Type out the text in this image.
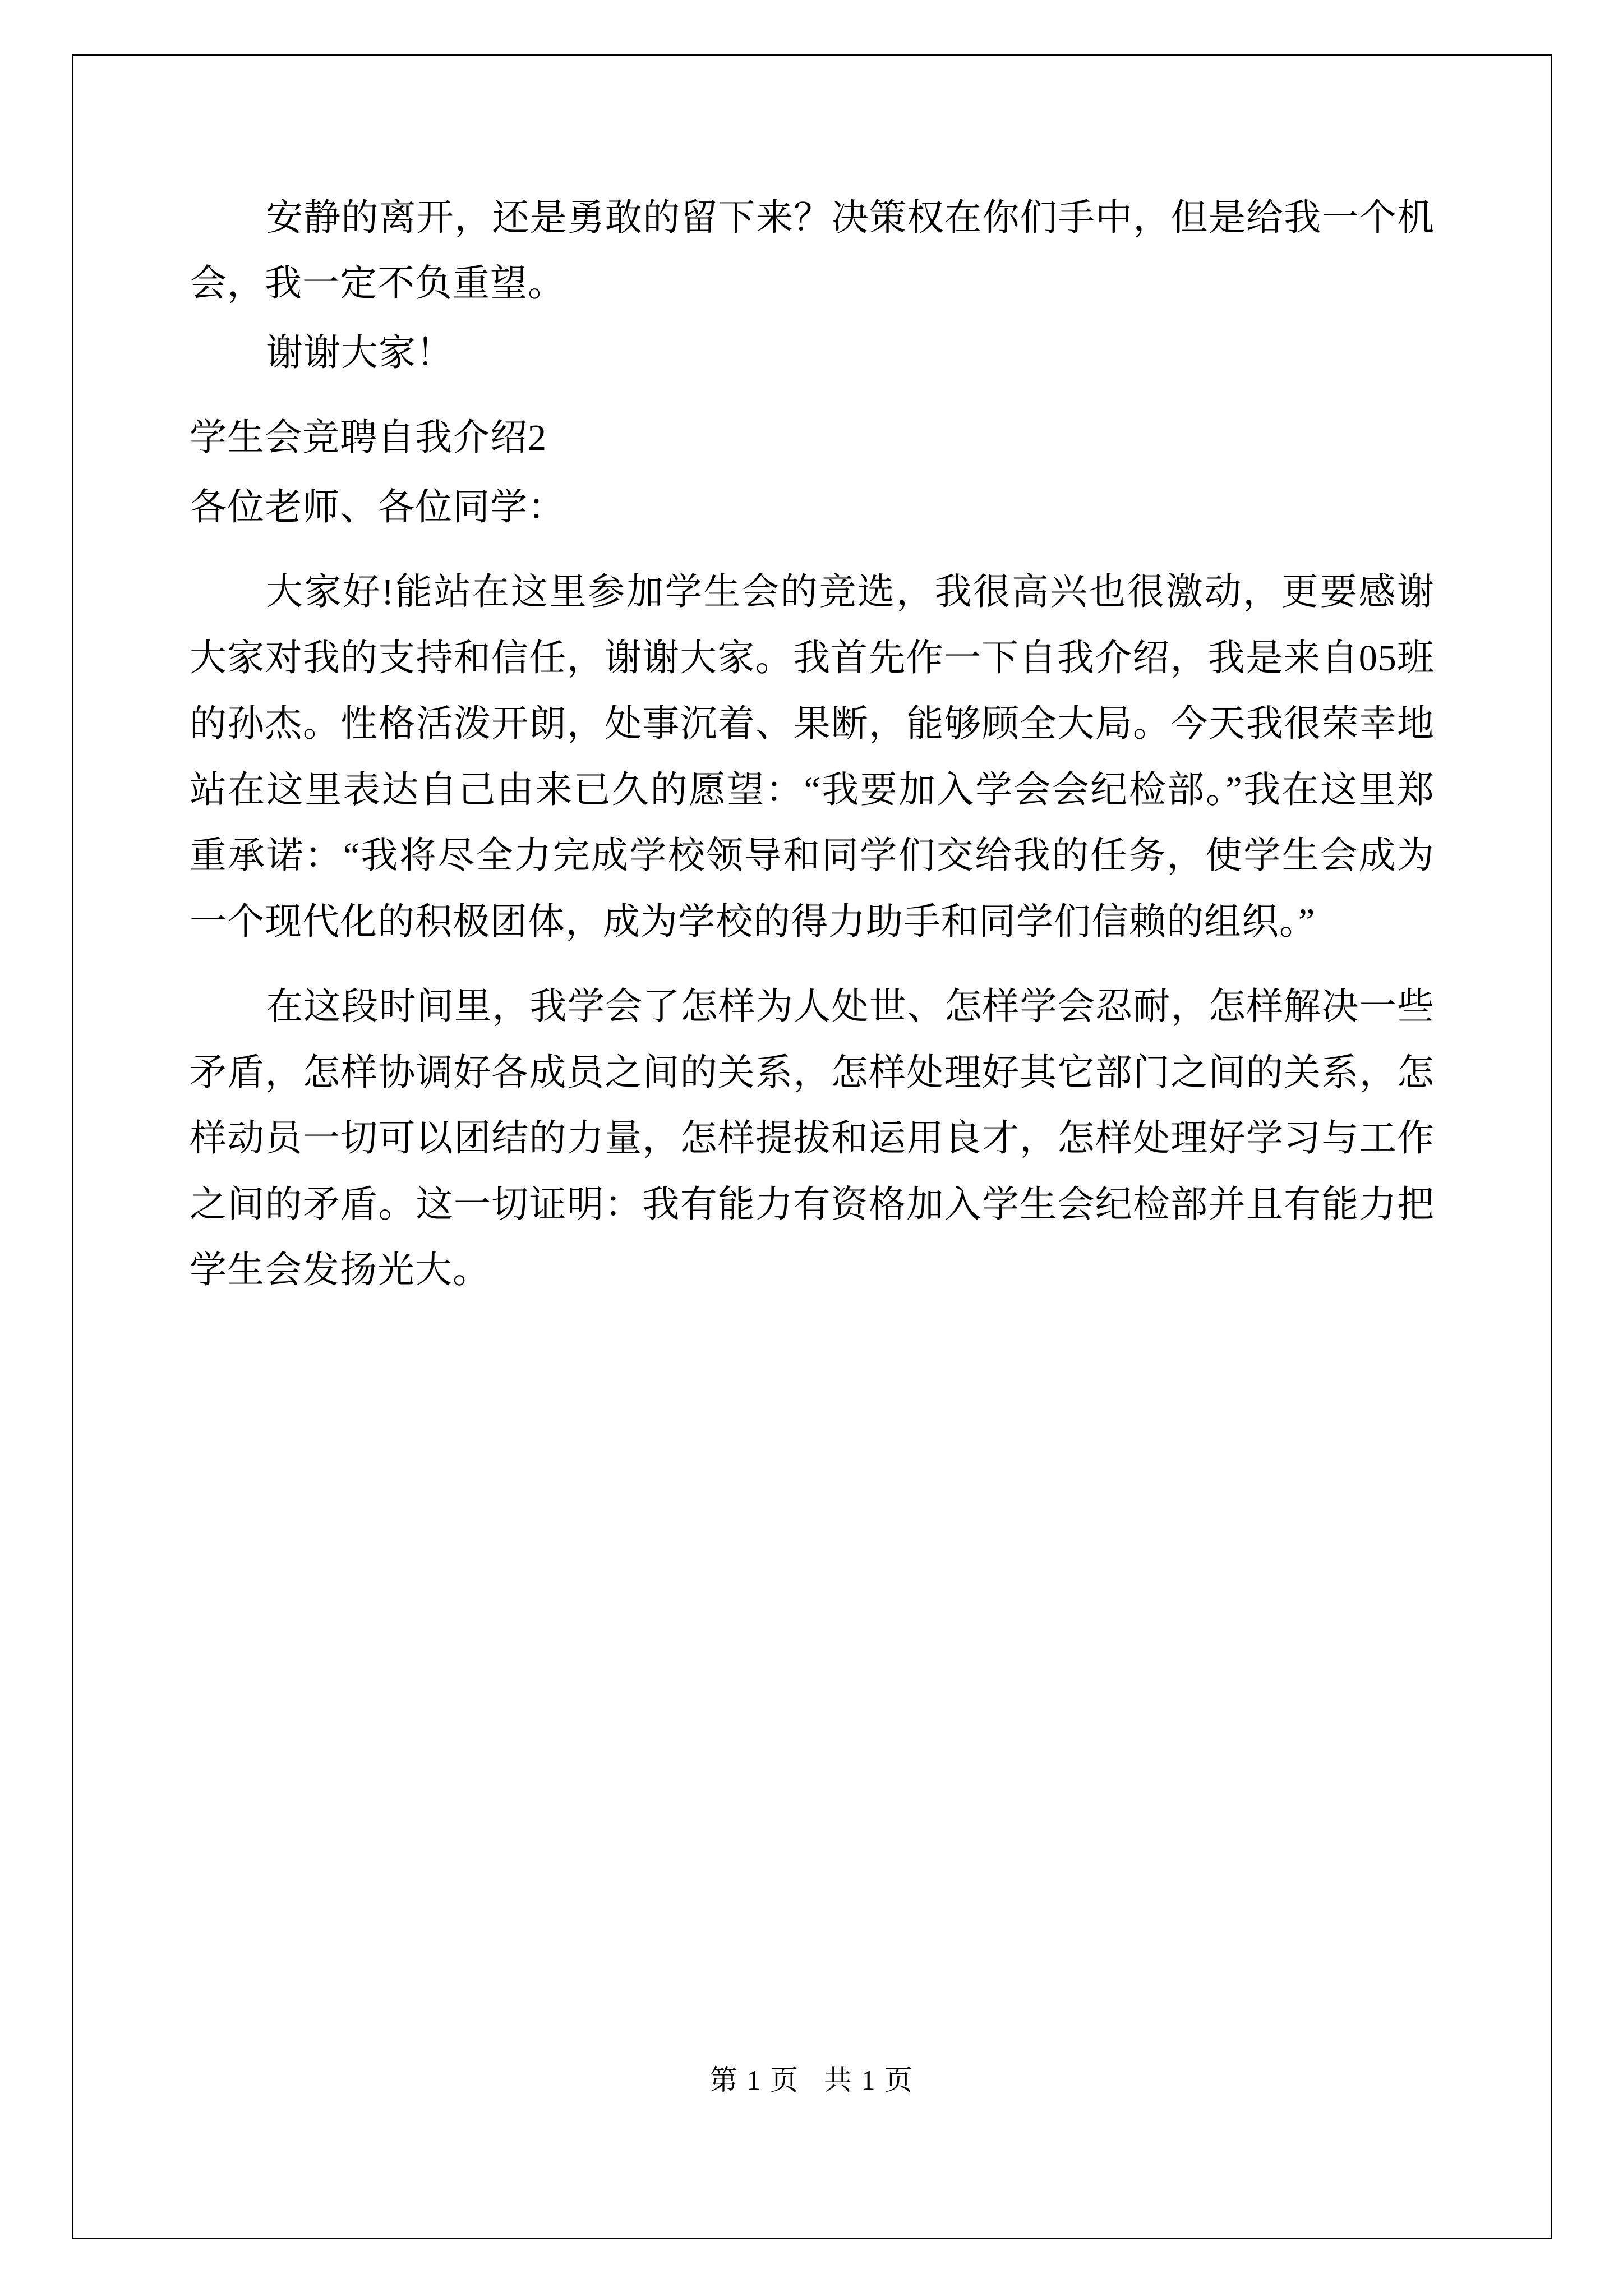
安静的离开，还是勇敢的留下来？决策权在你们手中，但是给我一个机会，我一定不负重望。

谢谢大家！

学生会竞聘自我介绍2

各位老师、各位同学：

大家好!能站在这里参加学生会的竞选，我很高兴也很激动，更要感谢大家对我的支持和信任，谢谢大家。我首先作一下自我介绍，我是来自05班的孙杰。性格活泼开朗，处事沉着、果断，能够顾全大局。今天我很荣幸地站在这里表达自己由来已久的愿望：“我要加入学会会纪检部。”我在这里郑重承诺：“我将尽全力完成学校领导和同学们交给我的任务，使学生会成为一个现代化的积极团体，成为学校的得力助手和同学们信赖的组织。”

在这段时间里，我学会了怎样为人处世、怎样学会忍耐，怎样解决一些矛盾，怎样协调好各成员之间的关系，怎样处理好其它部门之间的关系，怎样动员一切可以团结的力量，怎样提拔和运用良才，怎样处理好学习与工作之间的矛盾。这一切证明：我有能力有资格加入学生会纪检部并且有能力把学生会发扬光大。

第 1 页 共 1 页
